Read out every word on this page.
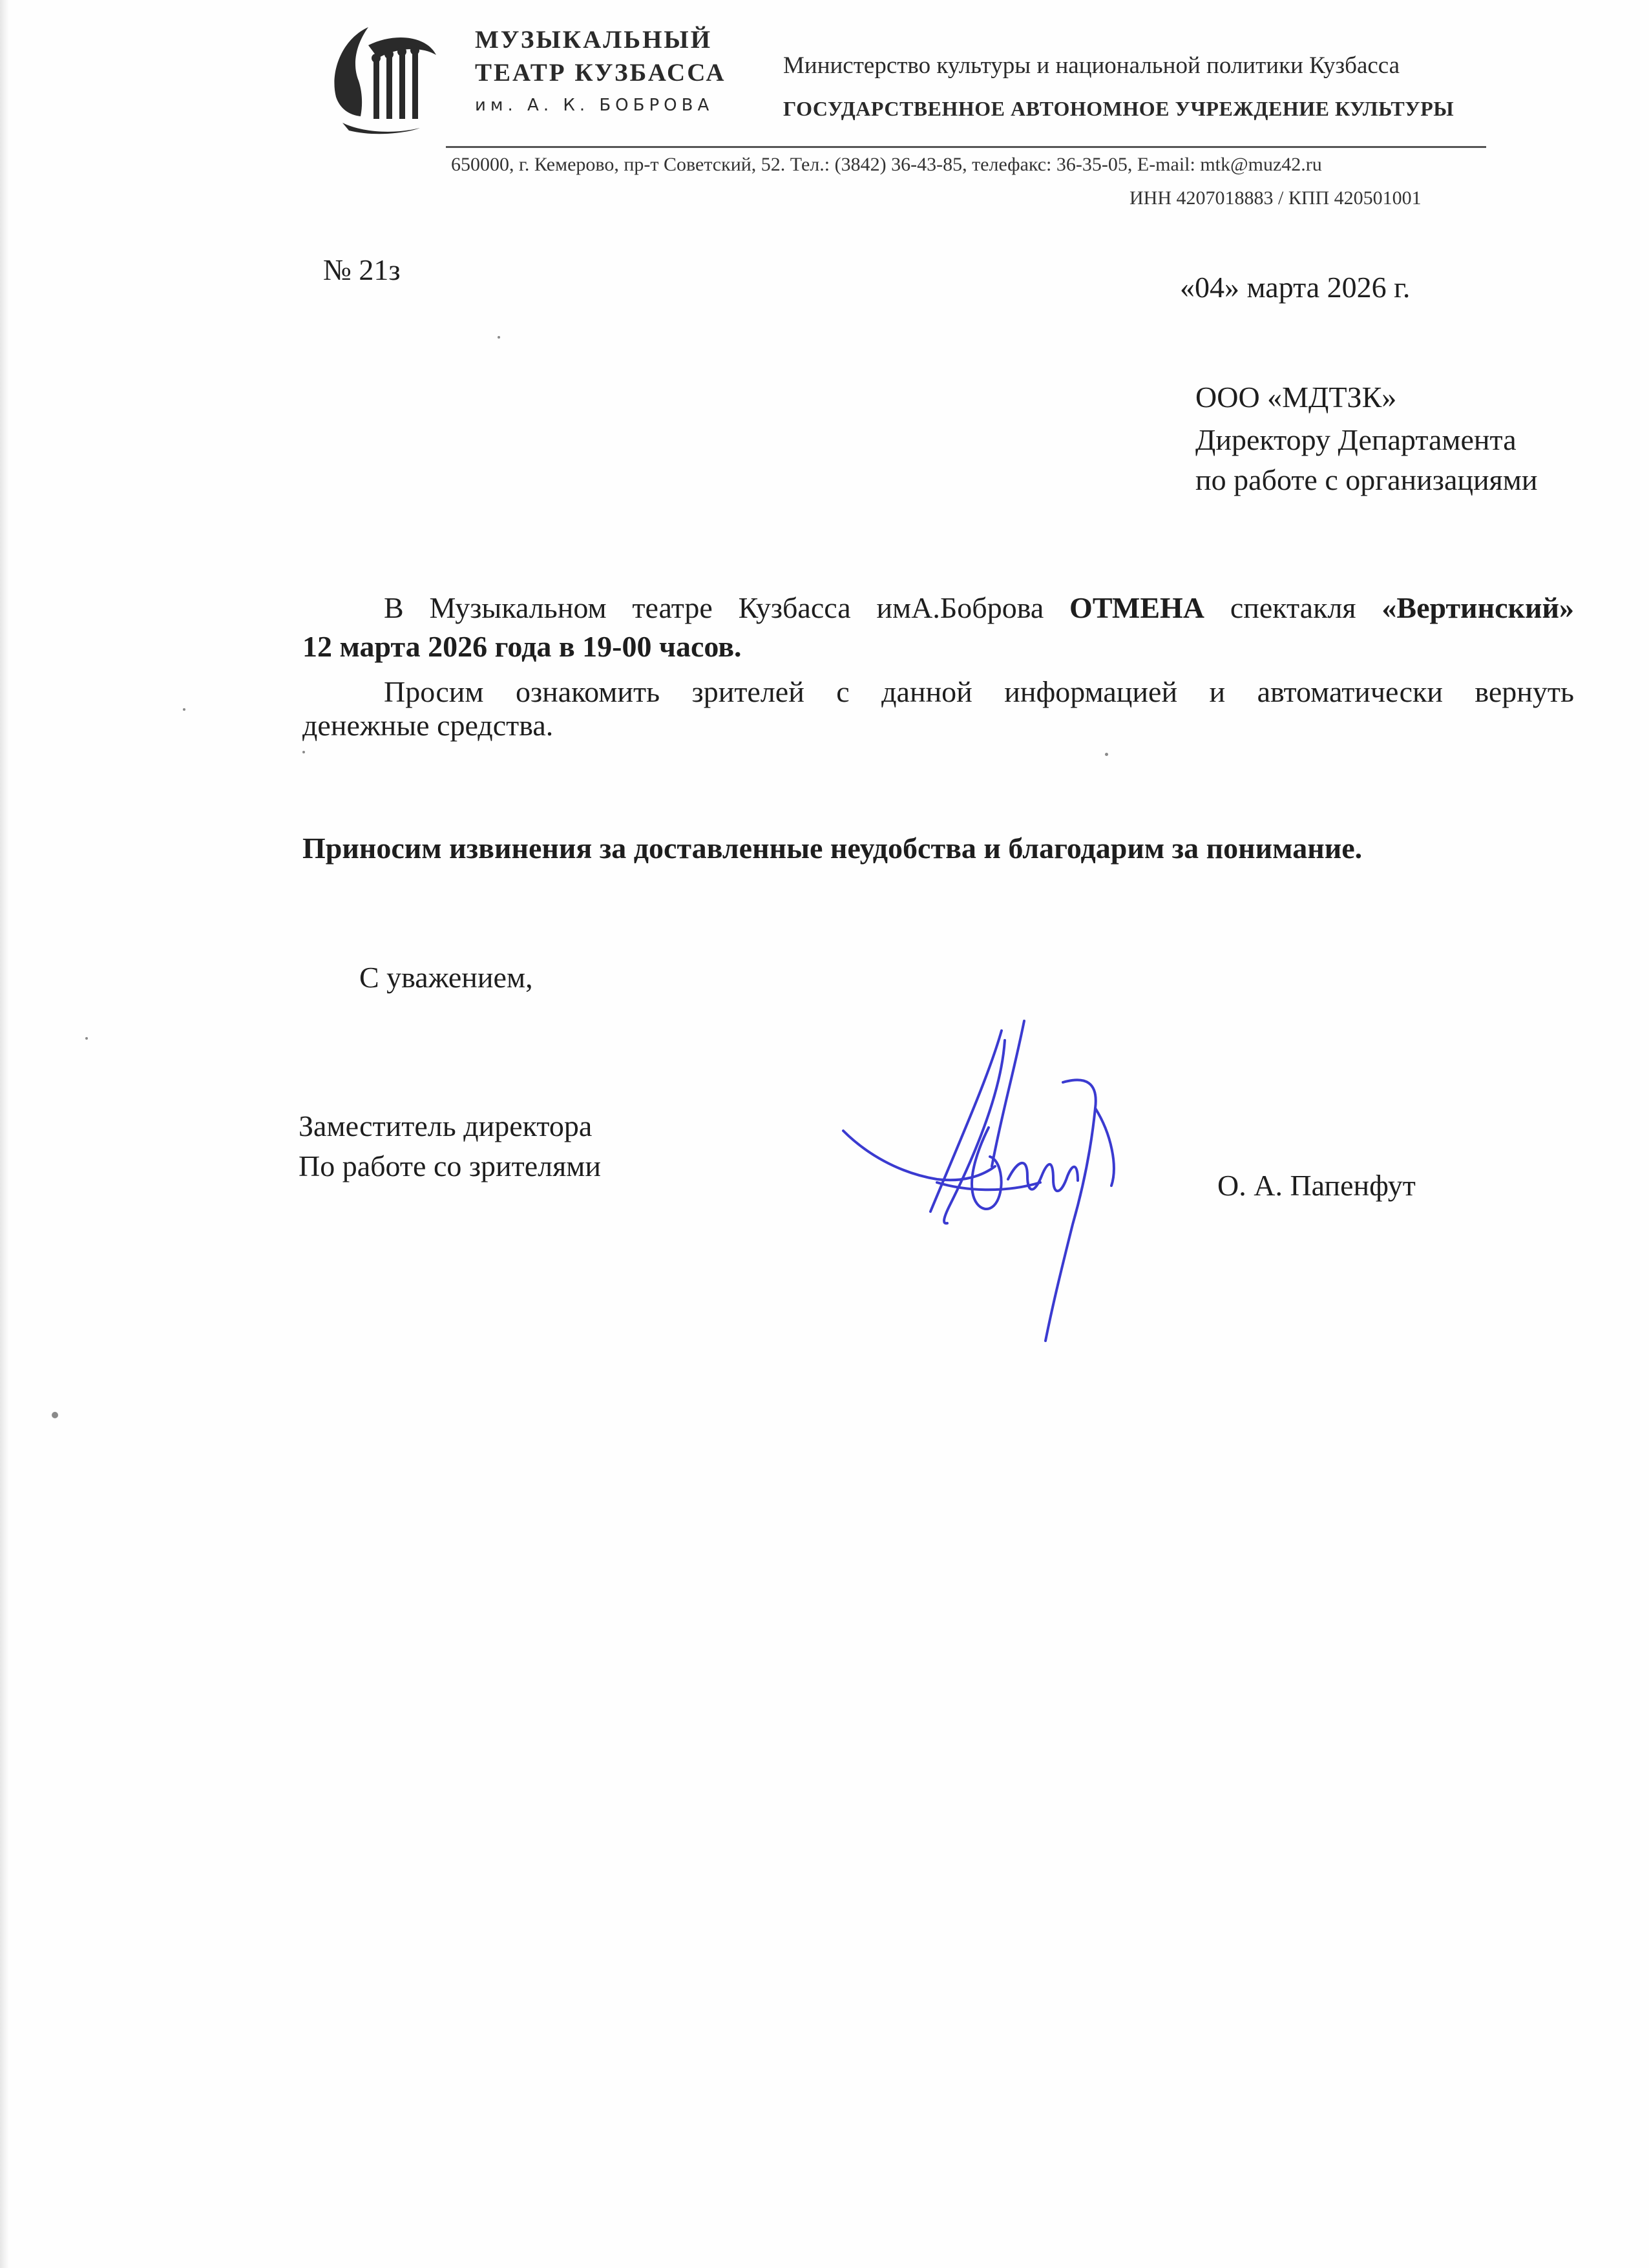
МУЗЫКАЛЬНЫЙ
ТЕАТР КУЗБАССА
им. А. К. БОБРОВА
Министерство культуры и национальной политики Кузбасса
ГОСУДАРСТВЕННОЕ АВТОНОМНОЕ УЧРЕЖДЕНИЕ КУЛЬТУРЫ
650000, г. Кемерово, пр-т Советский, 52. Тел.: (3842) 36-43-85, телефакс: 36-35-05, E-mail: mtk@muz42.ru
ИНН 4207018883 / КПП 420501001
№ 21з
«04» марта 2026 г.
ООО «МДТЗК»
Директору Департамента
по работе с организациями
В Музыкальном театре Кузбасса имА.Боброва ОТМЕНА спектакля «Вертинский»
12 марта 2026 года в 19-00 часов.
Просим ознакомить зрителей с данной информацией и автоматически вернуть
денежные средства.
Приносим извинения за доставленные неудобства и благодарим за понимание.
С уважением,
Заместитель директора
По работе со зрителями
О. А. Папенфут
